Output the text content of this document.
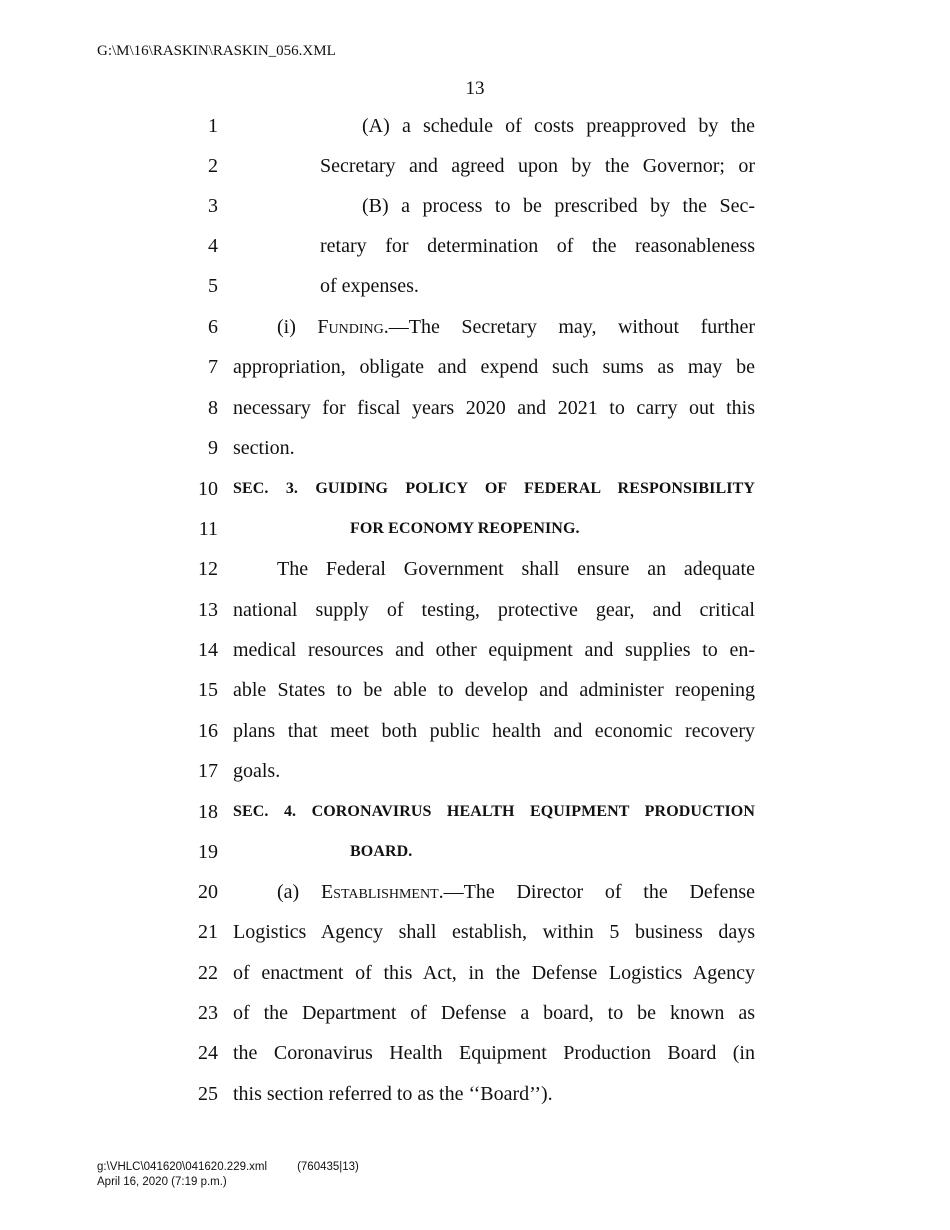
G:\M\16\RASKIN\RASKIN_056.XML
13
1	(A) a schedule of costs preapproved by the
2	Secretary and agreed upon by the Governor; or
3	(B) a process to be prescribed by the Sec-
4	retary for determination of the reasonableness
5	of expenses.
6	(i) Funding.—The Secretary may, without further
7 appropriation, obligate and expend such sums as may be
8 necessary for fiscal years 2020 and 2021 to carry out this
9 section.
10 SEC. 3. GUIDING POLICY OF FEDERAL RESPONSIBILITY
11	FOR ECONOMY REOPENING.
12	The Federal Government shall ensure an adequate
13 national supply of testing, protective gear, and critical
14 medical resources and other equipment and supplies to en-
15 able States to be able to develop and administer reopening
16 plans that meet both public health and economic recovery
17 goals.
18 SEC. 4. CORONAVIRUS HEALTH EQUIPMENT PRODUCTION
19	BOARD.
20	(a) Establishment.—The Director of the Defense
21 Logistics Agency shall establish, within 5 business days
22 of enactment of this Act, in the Defense Logistics Agency
23 of the Department of Defense a board, to be known as
24 the Coronavirus Health Equipment Production Board (in
25 this section referred to as the ‘‘Board’’).
g:\VHLC\041620\041620.229.xml	(760435|13)
April 16, 2020 (7:19 p.m.)
